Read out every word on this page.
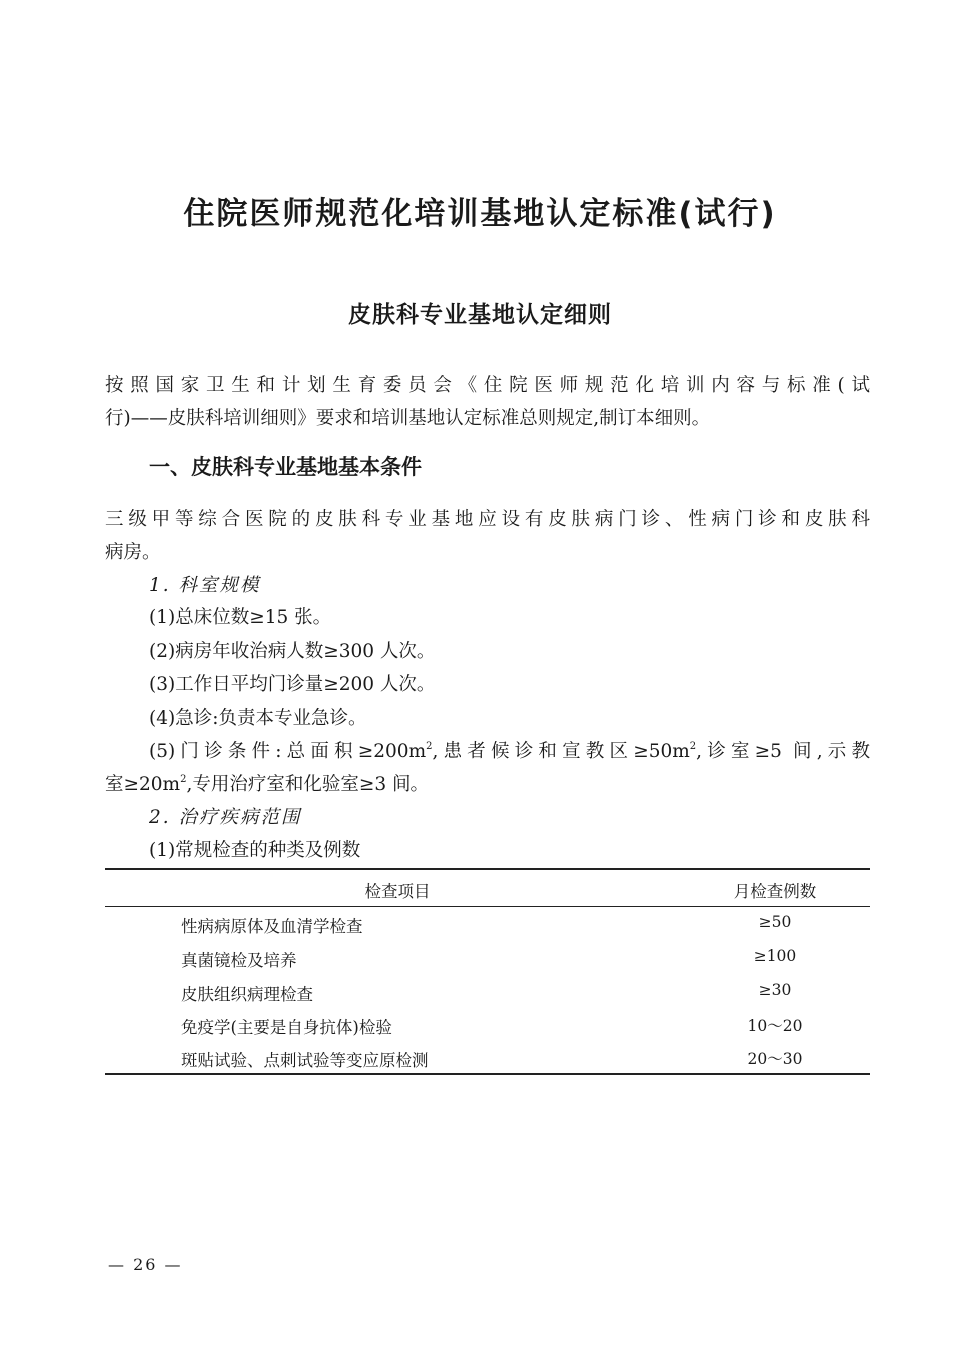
住院医师规范化培训基地认定标准(试行)
皮肤科专业基地认定细则
按照国家卫生和计划生育委员会《住院医师规范化培训内容与标准(试
行)——皮肤科培训细则》要求和培训基地认定标准总则规定,制订本细则。
一、皮肤科专业基地基本条件
三级甲等综合医院的皮肤科专业基地应设有皮肤病门诊、性病门诊和皮肤科
病房。
1. 科室规模
(1)总床位数≥15 张。
(2)病房年收治病人数≥300 人次。
(3)工作日平均门诊量≥200 人次。
(4)急诊:负责本专业急诊。
(5)门诊条件:总面积$\ge 200m^2$,患者候诊和宣教区$\ge 50m^2$,诊室≥5 间,示教
室$\ge 20m^2$,专用治疗室和化验室≥3 间。
2. 治疗疾病范围
(1)常规检查的种类及例数
检查项目	月检查例数
性病病原体及血清学检查	≥50
真菌镜检及培养	≥100
皮肤组织病理检查	≥30
免疫学(主要是自身抗体)检验	10～20
斑贴试验、点刺试验等变应原检测	20～30
— 26 —
